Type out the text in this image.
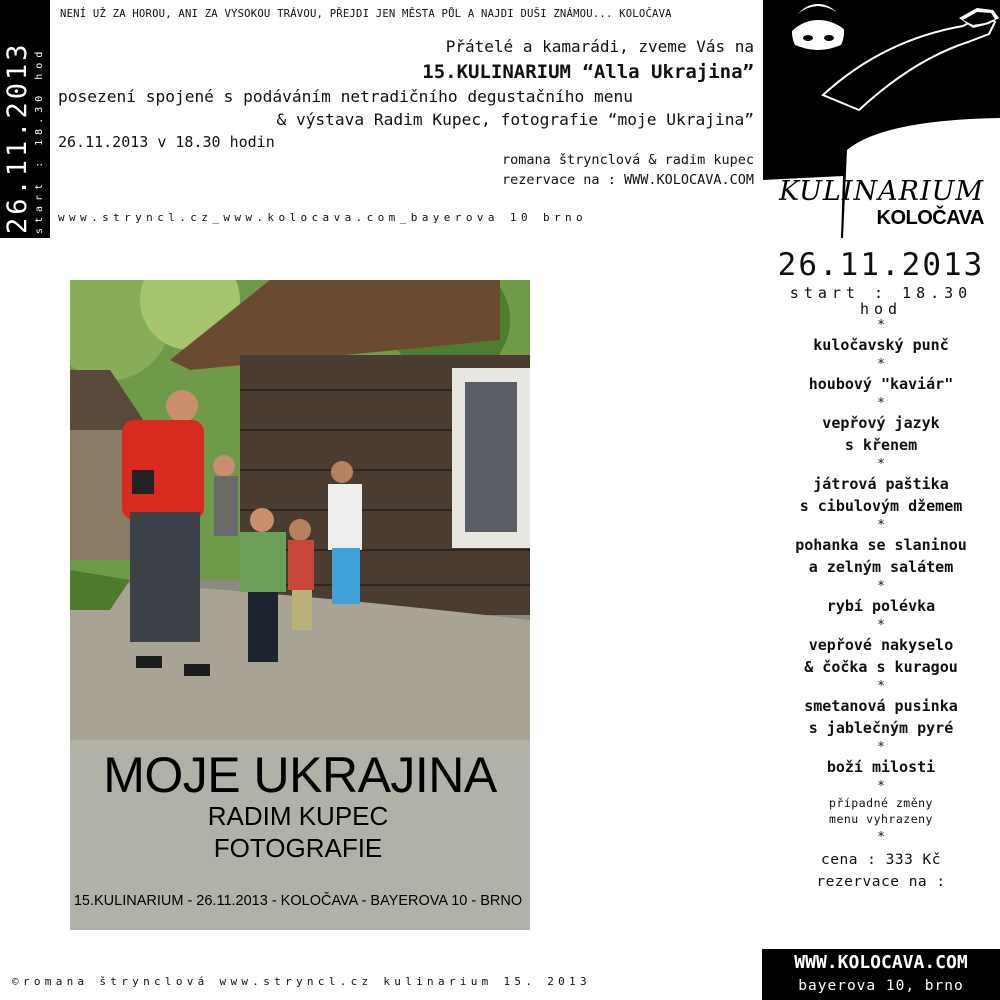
26.11.2013 start : 18.30 hod
NENÍ UŽ ZA HOROU, ANI ZA VYSOKOU TRÁVOU, PŘEJDI JEN MĚSTA PŮL A NAJDI DUŠI ZNÁMOU... KOLOČAVA
Přátelé a kamarádi, zveme Vás na
15.KULINARIUM “Alla Ukrajina”
posezení spojené s podáváním netradičního degustačního menu
& výstava Radim Kupec, fotografie “moje Ukrajina”
26.11.2013 v 18.30 hodin
romana štrynclová & radim kupec
rezervace na : WWW.KOLOCAVA.COM
www.stryncl.cz_www.kolocava.com_bayerova 10 brno
KULINARIUM
KOLOČAVA
26.11.2013
start : 18.30 hod
*
kuločavský punč
*
houbový "kaviár"
*
vepřový jazyk
s křenem
*
játrová paštika
s cibulovým džemem
*
pohanka se slaninou
a zelným salátem
*
rybí polévka
*
vepřové nakyselo
& čočka s kuragou
*
smetanová pusinka
s jablečným pyré
*
boží milosti
*
případné změny
menu vyhrazeny
*
cena : 333 Kč
rezervace na :
WWW.KOLOCAVA.COM
bayerova 10, brno
©romana štrynclová www.stryncl.cz kulinarium 15. 2013
MOJE UKRAJINA
RADIM KUPEC
FOTOGRAFIE
15.KULINARIUM - 26.11.2013 - KOLOČAVA - BAYEROVA 10 - BRNO
